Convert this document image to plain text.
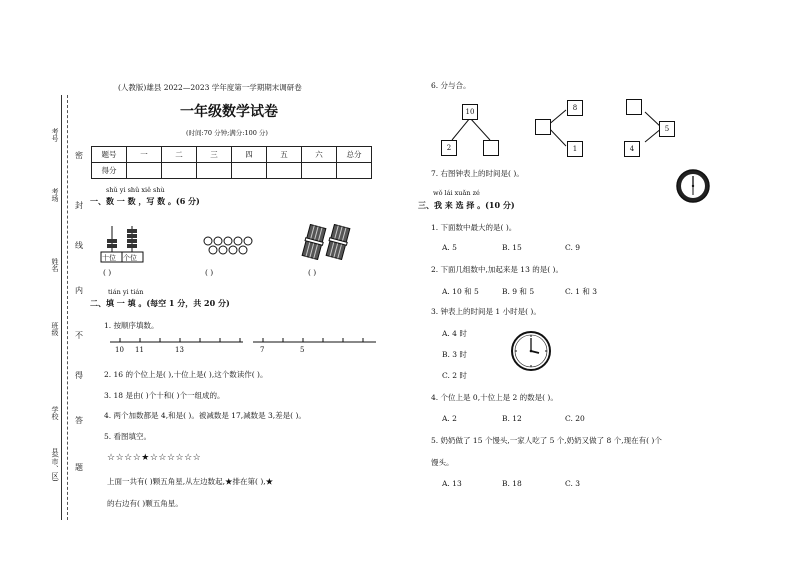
考号
考场
姓名
班级
学校
县(市、区)
密
封
线
内
不
得
答
题
(人教版)雄县 2022—2023 学年度第一学期期末调研卷
一年级数学试卷
(时间:70 分钟;满分:100 分)
题号	一	二	三	四	五	六	总分
得分							
shǔ yi shǔ xiě shù
一、数 一 数 ，写 数 。(6 分)
十位 个位
( )	( )	( )
tián yi tián
二、填 一 填 。(每空 1 分，共 20 分)
1. 按顺序填数。
10 11	13	7	5
2. 16 的个位上是( ),十位上是( ),这个数读作( )。
3. 18 是由( )个十和( )个一组成的。
4. 两个加数都是 4,和是( )。被减数是 17,减数是 3,差是( )。
5. 看图填空。
☆☆☆☆★☆☆☆☆☆☆
上面一共有( )颗五角星,从左边数起,★排在第( ),★
的右边有( )颗五角星。
6. 分与合。
10
2
8
1
5
4
7. 右图钟表上的时间是( )。
wǒ lái xuǎn zé
三、我 来 选 择 。(10 分)
1. 下面数中最大的是( )。
A. 5	B. 15	C. 9
2. 下面几组数中,加起来是 13 的是( )。
A. 10 和 5	B. 9 和 5	C. 1 和 3
3. 钟表上的时间是 1 小时是( )。
A. 4 时
B. 3 时
C. 2 时
4. 个位上是 0,十位上是 2 的数是( )。
A. 2	B. 12	C. 20
5. 奶奶做了 15 个馒头,一家人吃了 5 个,奶奶又做了 8 个,现在有( )个
馒头。
A. 13	B. 18	C. 3
